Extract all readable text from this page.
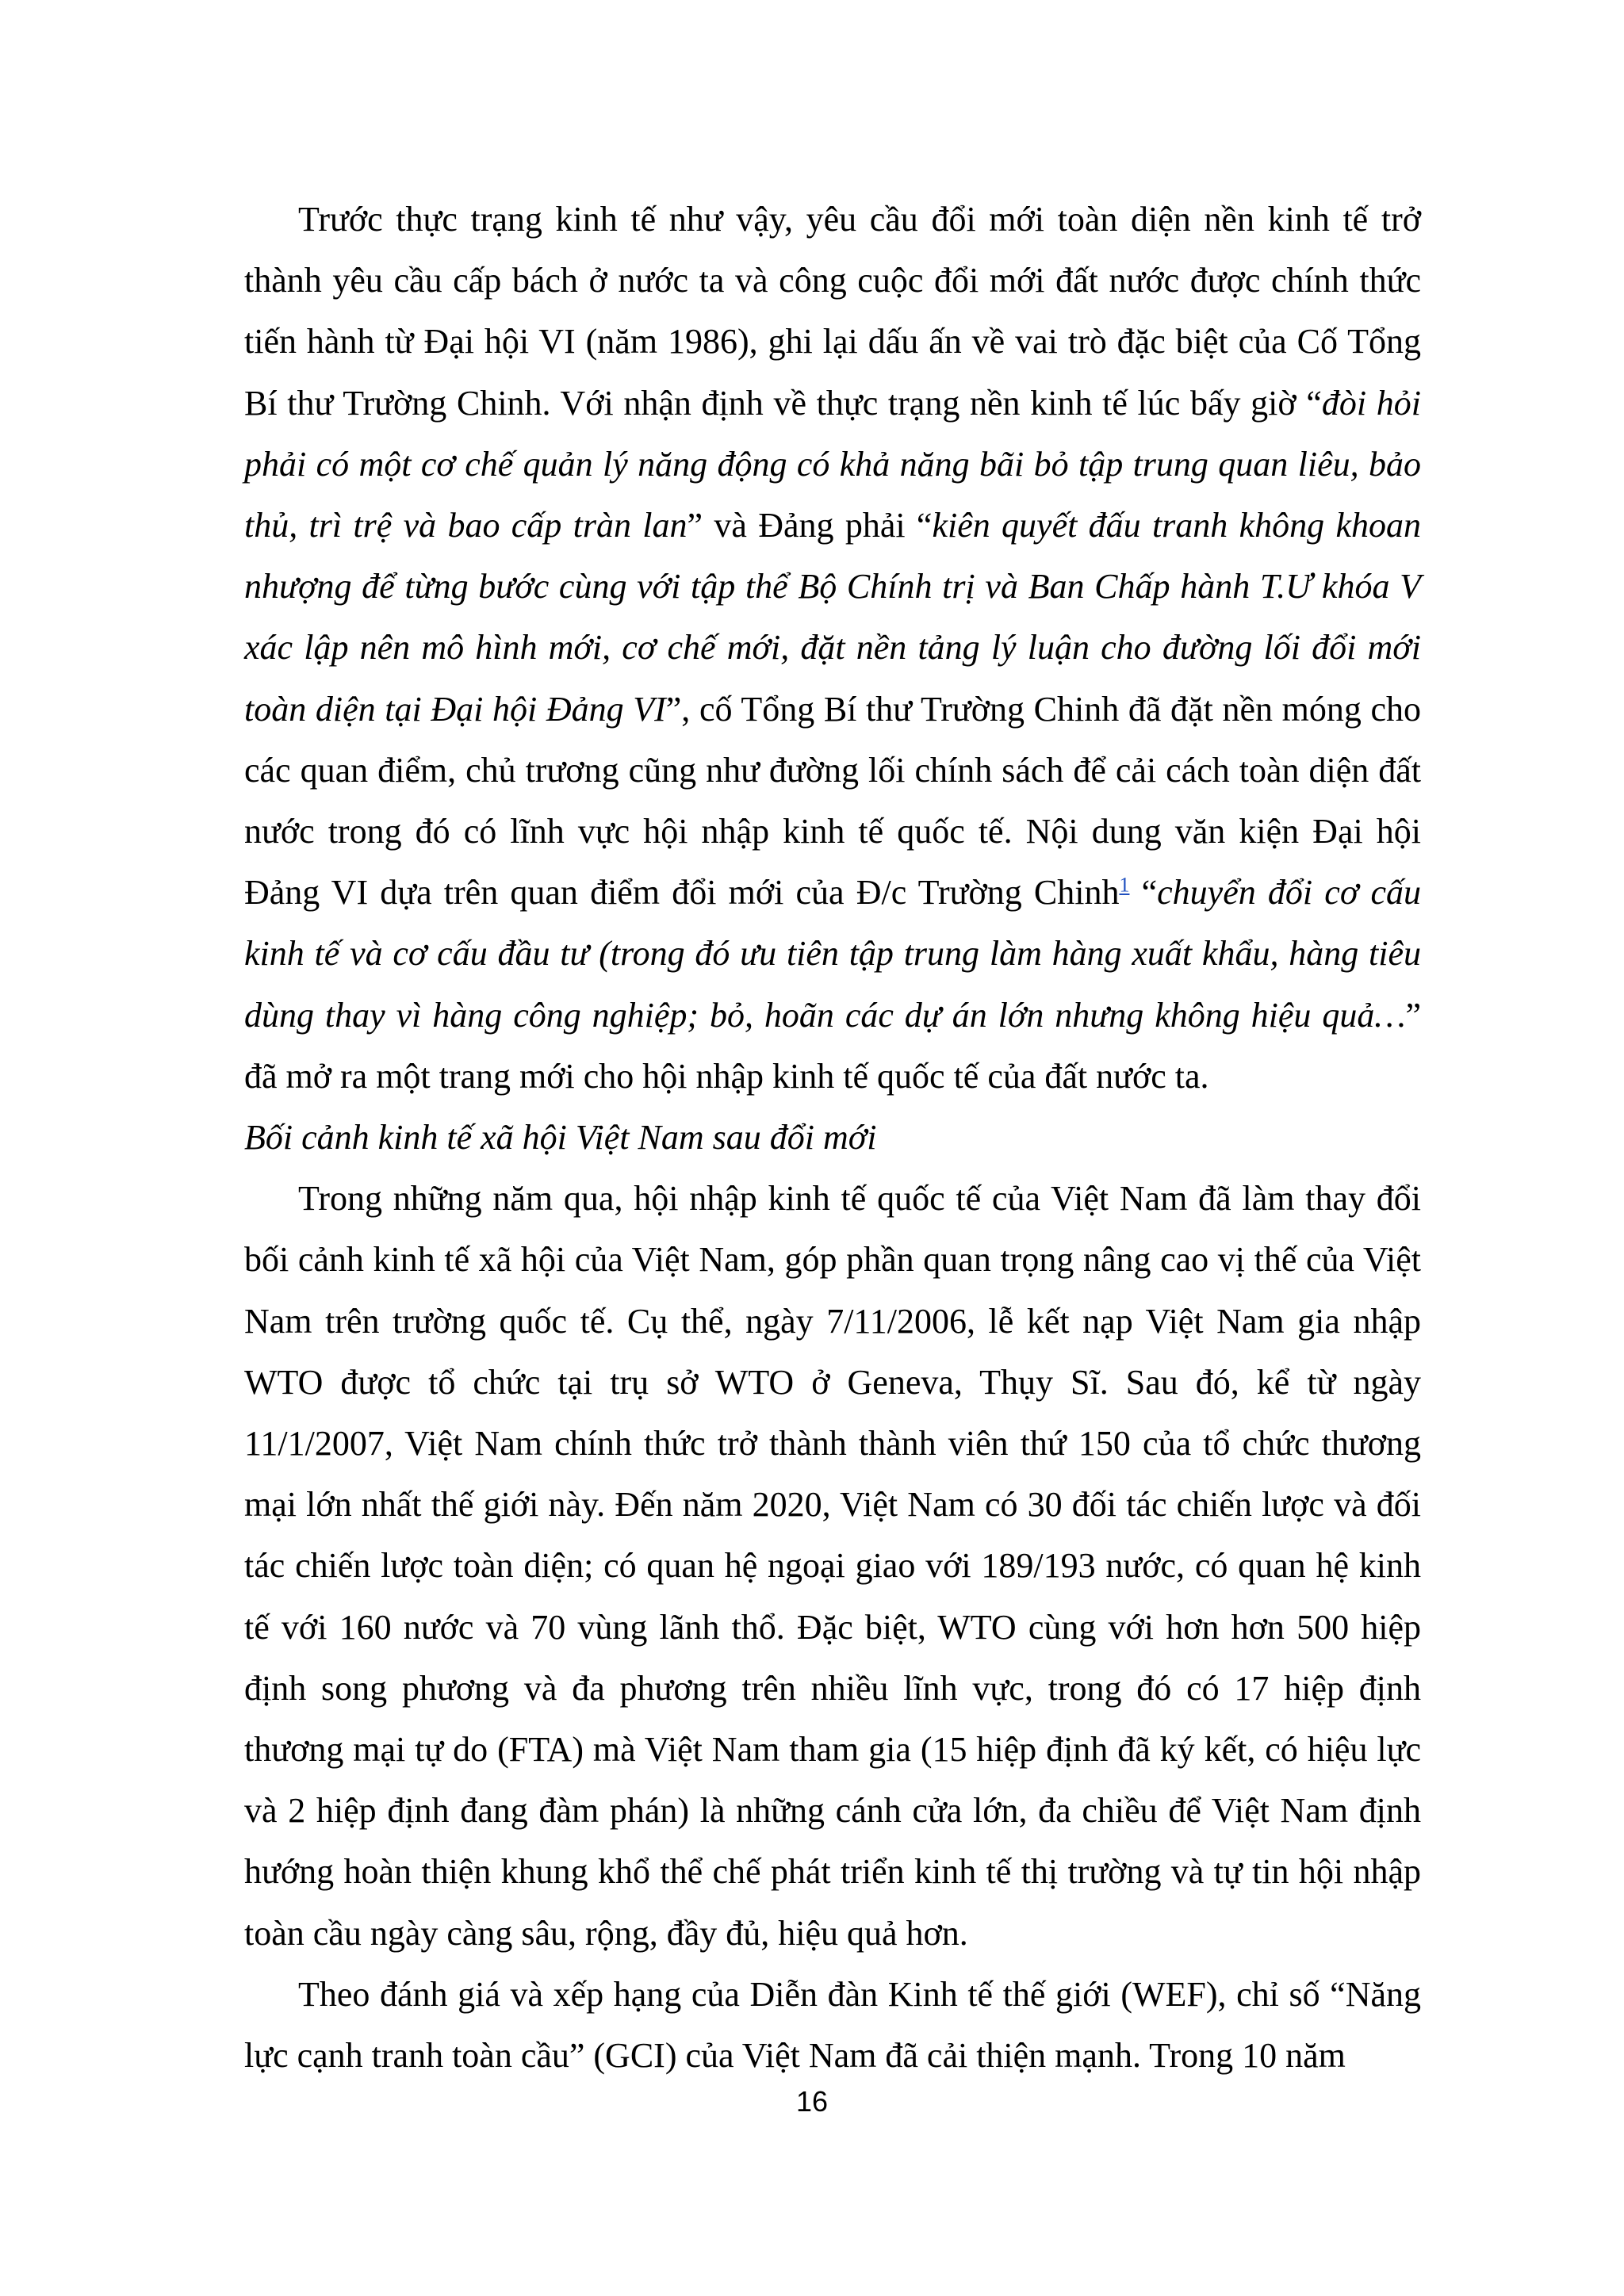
Trước thực trạng kinh tế như vậy, yêu cầu đổi mới toàn diện nền kinh tế trở thành yêu cầu cấp bách ở nước ta và công cuộc đổi mới đất nước được chính thức tiến hành từ Đại hội VI (năm 1986), ghi lại dấu ấn về vai trò đặc biệt của Cố Tổng Bí thư Trường Chinh. Với nhận định về thực trạng nền kinh tế lúc bấy giờ “đòi hỏi phải có một cơ chế quản lý năng động có khả năng bãi bỏ tập trung quan liêu, bảo thủ, trì trệ và bao cấp tràn lan” và Đảng phải “kiên quyết đấu tranh không khoan nhượng để từng bước cùng với tập thể Bộ Chính trị và Ban Chấp hành T.Ư khóa V xác lập nên mô hình mới, cơ chế mới, đặt nền tảng lý luận cho đường lối đổi mới toàn diện tại Đại hội Đảng VI”, cố Tổng Bí thư Trường Chinh đã đặt nền móng cho các quan điểm, chủ trương cũng như đường lối chính sách để cải cách toàn diện đất nước trong đó có lĩnh vực hội nhập kinh tế quốc tế. Nội dung văn kiện Đại hội Đảng VI dựa trên quan điểm đổi mới của Đ/c Trường Chinh$^1$ “chuyển đổi cơ cấu kinh tế và cơ cấu đầu tư (trong đó ưu tiên tập trung làm hàng xuất khẩu, hàng tiêu dùng thay vì hàng công nghiệp; bỏ, hoãn các dự án lớn nhưng không hiệu quả…” đã mở ra một trang mới cho hội nhập kinh tế quốc tế của đất nước ta.

Bối cảnh kinh tế xã hội Việt Nam sau đổi mới

Trong những năm qua, hội nhập kinh tế quốc tế của Việt Nam đã làm thay đổi bối cảnh kinh tế xã hội của Việt Nam, góp phần quan trọng nâng cao vị thế của Việt Nam trên trường quốc tế. Cụ thể, ngày 7/11/2006, lễ kết nạp Việt Nam gia nhập WTO được tổ chức tại trụ sở WTO ở Geneva, Thụy Sĩ. Sau đó, kể từ ngày 11/1/2007, Việt Nam chính thức trở thành thành viên thứ 150 của tổ chức thương mại lớn nhất thế giới này. Đến năm 2020, Việt Nam có 30 đối tác chiến lược và đối tác chiến lược toàn diện; có quan hệ ngoại giao với 189/193 nước, có quan hệ kinh tế với 160 nước và 70 vùng lãnh thổ. Đặc biệt, WTO cùng với hơn hơn 500 hiệp định song phương và đa phương trên nhiều lĩnh vực, trong đó có 17 hiệp định thương mại tự do (FTA) mà Việt Nam tham gia (15 hiệp định đã ký kết, có hiệu lực và 2 hiệp định đang đàm phán) là những cánh cửa lớn, đa chiều để Việt Nam định hướng hoàn thiện khung khổ thể chế phát triển kinh tế thị trường và tự tin hội nhập toàn cầu ngày càng sâu, rộng, đầy đủ, hiệu quả hơn.

Theo đánh giá và xếp hạng của Diễn đàn Kinh tế thế giới (WEF), chỉ số “Năng lực cạnh tranh toàn cầu” (GCI) của Việt Nam đã cải thiện mạnh. Trong 10 năm

16
